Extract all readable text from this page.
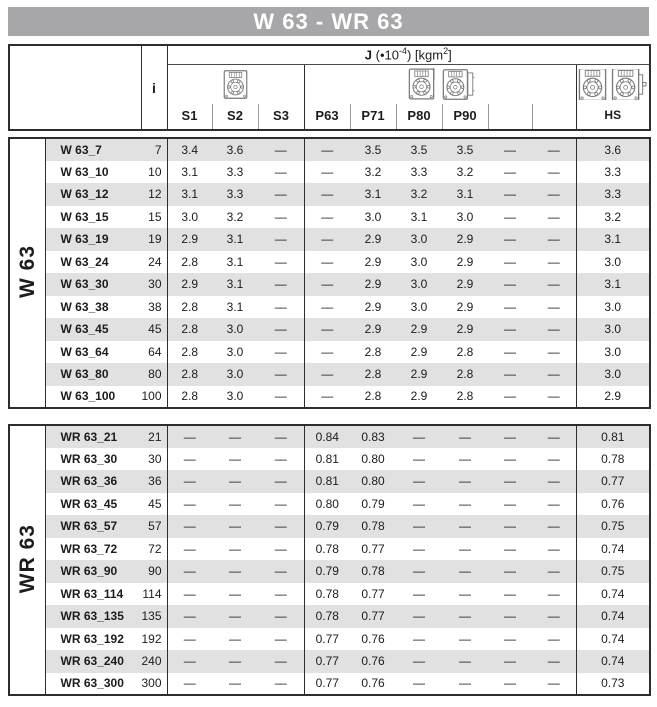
W 63 - WR 63
	i	J $(•10^{-4})$ [kgm$^2$]									

		S1	S2	S3	P63	P71	P80	P90			HS
W 63	W 63_7	7	3.4	3.6	—	—	3.5	3.5	3.5	—	—	3.6
	W 63_10	10	3.1	3.3	—	—	3.2	3.3	3.2	—	—	3.3
	W 63_12	12	3.1	3.3	—	—	3.1	3.2	3.1	—	—	3.3
	W 63_15	15	3.0	3.2	—	—	3.0	3.1	3.0	—	—	3.2
	W 63_19	19	2.9	3.1	—	—	2.9	3.0	2.9	—	—	3.1
	W 63_24	24	2.8	3.1	—	—	2.9	3.0	2.9	—	—	3.0
	W 63_30	30	2.9	3.1	—	—	2.9	3.0	2.9	—	—	3.1
	W 63_38	38	2.8	3.1	—	—	2.9	3.0	2.9	—	—	3.0
	W 63_45	45	2.8	3.0	—	—	2.9	2.9	2.9	—	—	3.0
	W 63_64	64	2.8	3.0	—	—	2.8	2.9	2.8	—	—	3.0
	W 63_80	80	2.8	3.0	—	—	2.8	2.9	2.8	—	—	3.0
	W 63_100	100	2.8	3.0	—	—	2.8	2.9	2.8	—	—	2.9
WR 63	WR 63_21	21	—	—	—	0.84	0.83	—	—	—	—	0.81
	WR 63_30	30	—	—	—	0.81	0.80	—	—	—	—	0.78
	WR 63_36	36	—	—	—	0.81	0.80	—	—	—	—	0.77
	WR 63_45	45	—	—	—	0.80	0.79	—	—	—	—	0.76
	WR 63_57	57	—	—	—	0.79	0.78	—	—	—	—	0.75
	WR 63_72	72	—	—	—	0.78	0.77	—	—	—	—	0.74
	WR 63_90	90	—	—	—	0.79	0.78	—	—	—	—	0.75
	WR 63_114	114	—	—	—	0.78	0.77	—	—	—	—	0.74
	WR 63_135	135	—	—	—	0.78	0.77	—	—	—	—	0.74
	WR 63_192	192	—	—	—	0.77	0.76	—	—	—	—	0.74
	WR 63_240	240	—	—	—	0.77	0.76	—	—	—	—	0.74
	WR 63_300	300	—	—	—	0.77	0.76	—	—	—	—	0.73
